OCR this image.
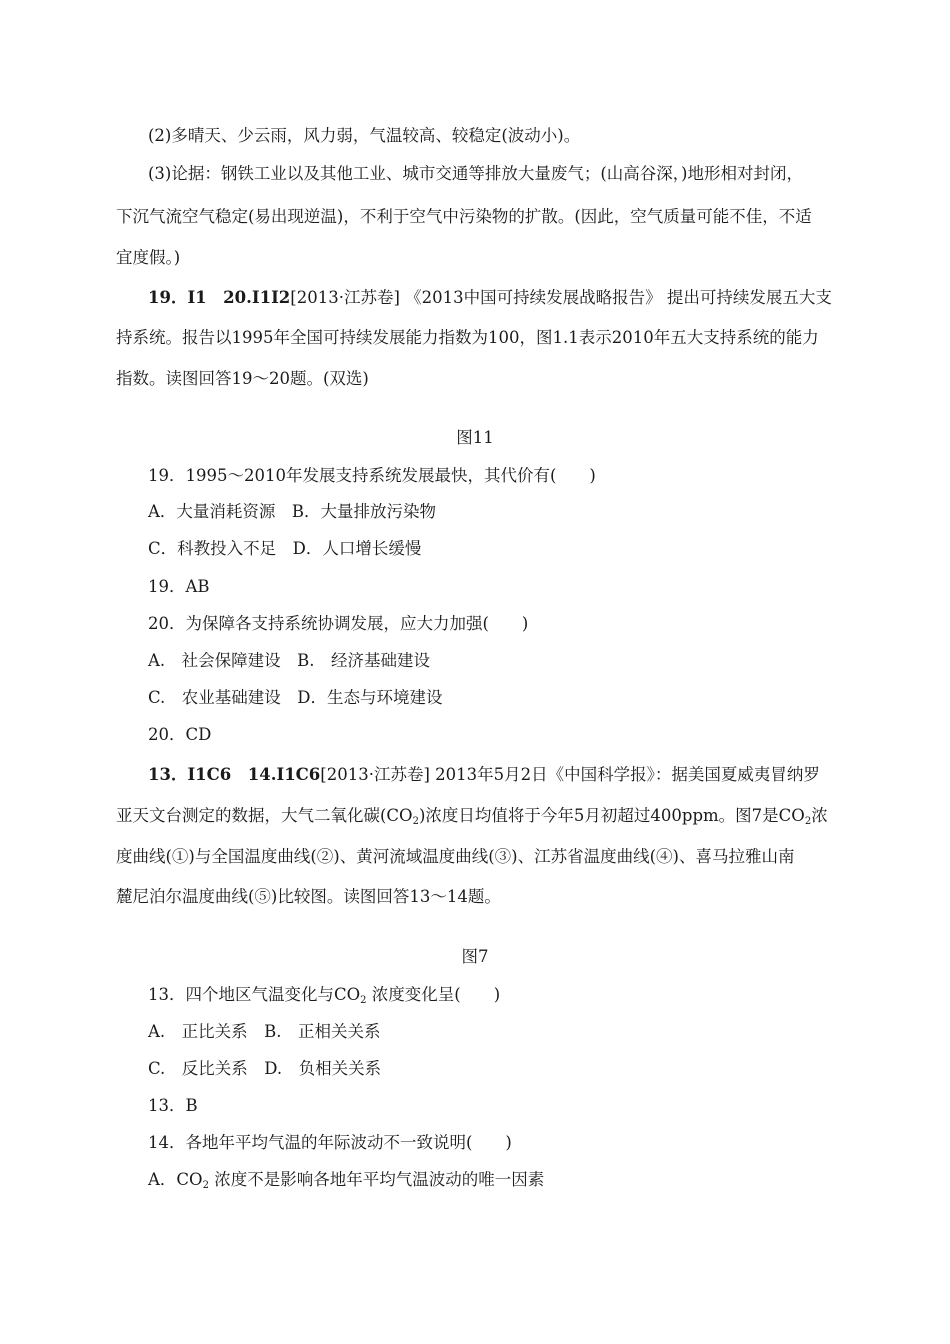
(2)多晴天、少云雨，风力弱，气温较高、较稳定(波动小)。
(3)论据：钢铁工业以及其他工业、城市交通等排放大量废气；(山高谷深，)地形相对封闭，
下沉气流空气稳定(易出现逆温)，不利于空气中污染物的扩散。(因此，空气质量可能不佳，不适
宜度假。)
19．I1　20.I1I2[2013·江苏卷] 《2013中国可持续发展战略报告》 提出可持续发展五大支
持系统。报告以1995年全国可持续发展能力指数为100，图1.1表示2010年五大支持系统的能力
指数。读图回答19～20题。(双选)
图11
19．1995～2010年发展支持系统发展最快，其代价有(　　)
A．大量消耗资源　B．大量排放污染物
C．科教投入不足　D．人口增长缓慢
19．AB
20．为保障各支持系统协调发展，应大力加强(　　)
A.　社会保障建设　B.　经济基础建设
C.　农业基础建设　D．生态与环境建设
20．CD
13．I1C6　14.I1C6[2013·江苏卷] 2013年5月2日《中国科学报》：据美国夏威夷冒纳罗
亚天文台测定的数据，大气二氧化碳$(CO_2)$浓度日均值将于今年5月初超过400ppm。图7是$CO_2$浓
度曲线(①)与全国温度曲线(②)、黄河流域温度曲线(③)、江苏省温度曲线(④)、喜马拉雅山南
麓尼泊尔温度曲线(⑤)比较图。读图回答13～14题。
图7
13．四个地区气温变化与$CO_2$ 浓度变化呈(　　)
A.　正比关系　B.　正相关关系
C.　反比关系　D.　负相关关系
13．B
14．各地年平均气温的年际波动不一致说明(　　)
A．$CO_2$ 浓度不是影响各地年平均气温波动的唯一因素
